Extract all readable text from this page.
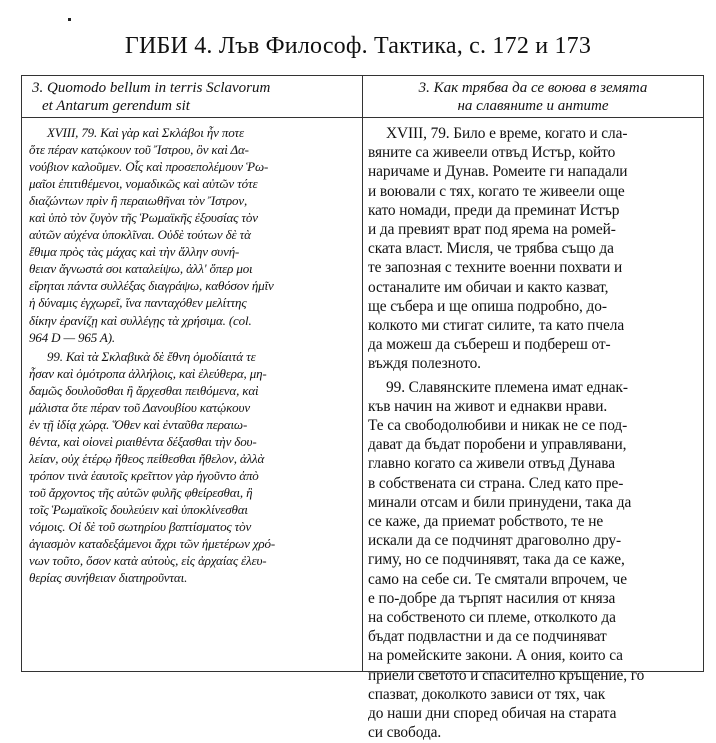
ГИБИ 4. Лъв Философ. Тактика, с. 172 и 173
3. Quomodo bellum in terris Sclavorum
et Antarum gerendum sit
3. Как трябва да се воюва в земята
на славяните и антите
XVIII, 79. Καὶ γὰρ καὶ Σκλάβοι ἦν ποτε
ὅτε πέραν κατῴκουν τοῦ Ἴστρου, ὃν καὶ Δα-
νούβιον καλοῦμεν. Οἷς καὶ προσεπολέμουν Ῥω-
μαῖοι ἐπιτιθέμενοι, νομαδικῶς καὶ αὐτῶν τότε
διαζώντων πρὶν ἢ περαιωθῆναι τὸν Ἴστρον,
καὶ ὑπὸ τὸν ζυγὸν τῆς Ῥωμαϊκῆς ἐξουσίας τὸν
αὐτῶν αὐχένα ὑποκλῖναι. Οὐδὲ τούτων δὲ τὰ
ἔθιμα πρὸς τὰς μάχας καὶ τὴν ἄλλην συνή-
θειαν ἄγνωστά σοι καταλείψω, ἀλλ' ὅπερ μοι
εἴρηται πάντα συλλέξας διαγράψω, καθόσον ἡμῖν
ἡ δύναμις ἐγχωρεῖ, ἵνα πανταχόθεν μελίττης
δίκην ἐρανίζῃ καὶ συλλέγῃς τὰ χρήσιμα. (col.
964 D — 965 A).
99. Καὶ τὰ Σκλαβικὰ δὲ ἔθνη ὁμοδίαιτά τε
ἦσαν καὶ ὁμότροπα ἀλλήλοις, καὶ ἐλεύθερα, μη-
δαμῶς δουλοῦσθαι ἢ ἄρχεσθαι πειθόμενα, καὶ
μάλιστα ὅτε πέραν τοῦ Δανουβίου κατῴκουν
ἐν τῇ ἰδίᾳ χώρᾳ. Ὅθεν καὶ ἐνταῦθα περαιω-
θέντα, καὶ οἱονεὶ ριαιθέντα δέξασθαι τὴν δου-
λείαν, οὐχ ἑτέρῳ ἤθεος πείθεσθαι ἤθελον, ἀλλὰ
τρόπον τινὰ ἑαυτοῖς κρεῖττον γὰρ ἡγοῦντο ἀπὸ
τοῦ ἄρχοντος τῆς αὐτῶν φυλῆς φθείρεσθαι, ἢ
τοῖς Ῥωμαϊκοῖς δουλεύειν καὶ ὑποκλίνεσθαι
νόμοις. Οἱ δὲ τοῦ σωτηρίου βαπτίσματος τὸν
ἁγιασμὸν καταδεξάμενοι ἄχρι τῶν ἡμετέρων χρό-
νων τοῦτο, ὅσον κατὰ αὐτοὺς, εἰς ἀρχαίας ἐλευ-
θερίας συνήθειαν διατηροῦνται.
XVIII, 79. Било е време, когато и сла-
вяните са живеели отвъд Истър, който
наричаме и Дунав. Ромеите ги нападали
и воювали с тях, когато те живеели още
като номади, преди да преминат Истър
и да превият врат под ярема на ромей-
ската власт. Мисля, че трябва също да
те запозная с техните военни похвати и
останалите им обичаи и както казват,
ще събера и ще опиша подробно, до-
колкото ми стигат силите, та като пчела
да можеш да събереш и подбереш от-
въждя полезното.
99. Славянските племена имат еднак-
къв начин на живот и еднакви нрави.
Те са свободолюбиви и никак не се под-
дават да бъдат поробени и управлявани,
главно когато са живели отвъд Дунава
в собствената си страна. След като пре-
минали отсам и били принудени, така да
се каже, да приемат робството, те не
искали да се подчинят драговолно дру-
гиму, но се подчинявят, така да се каже,
само на себе си. Те смятали впрочем, че
е по-добре да търпят насилия от княза
на собственото си племе, отколкото да
бъдат подвластни и да се подчиняват
на ромейските закони. А ония, които са
приели светото и спасително кръщение, го
спазват, доколкото зависи от тях, чак
до наши дни според обичая на старата
си свобода.
